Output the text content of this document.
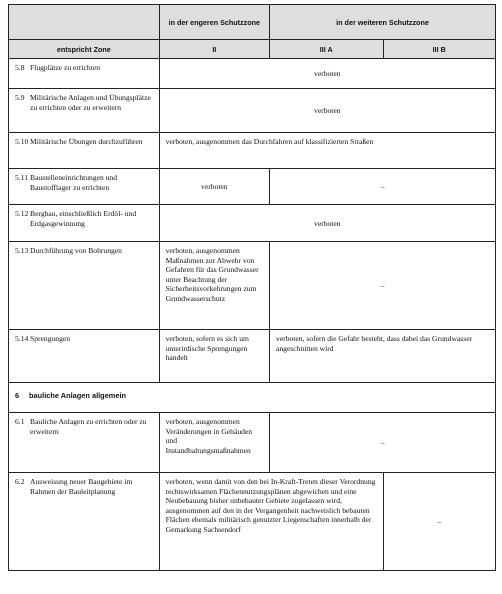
	in der engeren Schutzzone	in der weiteren Schutzzone	
entspricht Zone	II	III A	III B

5.8 Flugplätze zu errichten	verboten		

5.9 Militärische Anlagen und Übungsplätze zu errichten oder zu erweitern	verboten		

5.10 Militärische Übungen durchzuführen	verboten, ausgenommen das Durchfahren auf klassifizierten Straßen		

5.11 Baustelleneinrichtungen und Baustofflager zu errichten	verboten	–	

5.12 Bergbau, einschließlich Erdöl- und Erdgasgewinnung	verboten		

5.13 Durchführung von Bohrungen	verboten, ausgenommen Maßnahmen zur Abwehr von Gefahren für das Grundwasser unter Beachtung der Sicherheitsvorkehrungen zum Grundwasserschutz	–	

5.14 Sprengungen	verboten, sofern es sich um unterirdische Sprengungen handelt	verboten, sofern die Gefahr besteht, dass dabei das Grundwasser angeschnitten wird	
6 bauliche Anlagen allgemein			

6.1 Bauliche Anlagen zu errichten oder zu erweitern	verboten, ausgenommen Veränderungen in Gebäuden und Instandhaltungsmaßnahmen	–	

6.2 Ausweisung neuer Baugebiete im Rahmen der Bauleitplanung	verboten, wenn damit von den bei In-Kraft-Treten dieser Verordnung rechtswirksamen Flächennutzungsplänen abgewichen und eine Neubebauung bisher unbebauter Gebiete zugelassen wird, ausgenommen auf den in der Vergangenheit nachweislich bebauten Flächen ehemals militärisch genutzter Liegenschaften innerhalb der Gemarkung Sachsendorf		–
